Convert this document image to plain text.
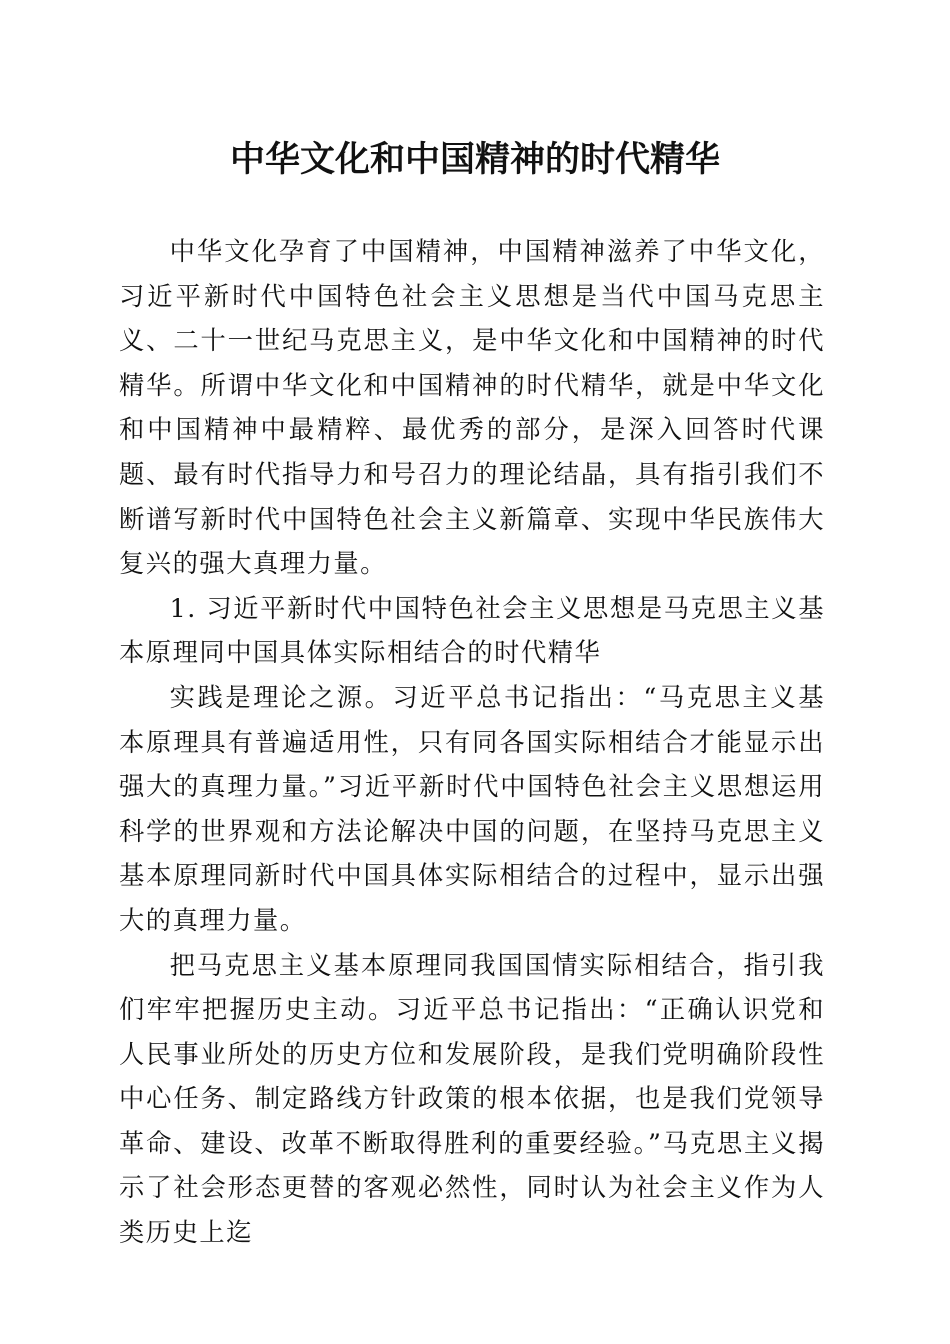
中华文化和中国精神的时代精华

中华文化孕育了中国精神，中国精神滋养了中华文化，习近平新时代中国特色社会主义思想是当代中国马克思主义、二十一世纪马克思主义，是中华文化和中国精神的时代精华。所谓中华文化和中国精神的时代精华，就是中华文化和中国精神中最精粹、最优秀的部分，是深入回答时代课题、最有时代指导力和号召力的理论结晶，具有指引我们不断谱写新时代中国特色社会主义新篇章、实现中华民族伟大复兴的强大真理力量。

1. 习近平新时代中国特色社会主义思想是马克思主义基本原理同中国具体实际相结合的时代精华

实践是理论之源。习近平总书记指出：“马克思主义基本原理具有普遍适用性，只有同各国实际相结合才能显示出强大的真理力量。”习近平新时代中国特色社会主义思想运用科学的世界观和方法论解决中国的问题，在坚持马克思主义基本原理同新时代中国具体实际相结合的过程中，显示出强大的真理力量。

把马克思主义基本原理同我国国情实际相结合，指引我们牢牢把握历史主动。习近平总书记指出：“正确认识党和人民事业所处的历史方位和发展阶段，是我们党明确阶段性中心任务、制定路线方针政策的根本依据，也是我们党领导革命、建设、改革不断取得胜利的重要经验。”马克思主义揭示了社会形态更替的客观必然性，同时认为社会主义作为人类历史上迄
